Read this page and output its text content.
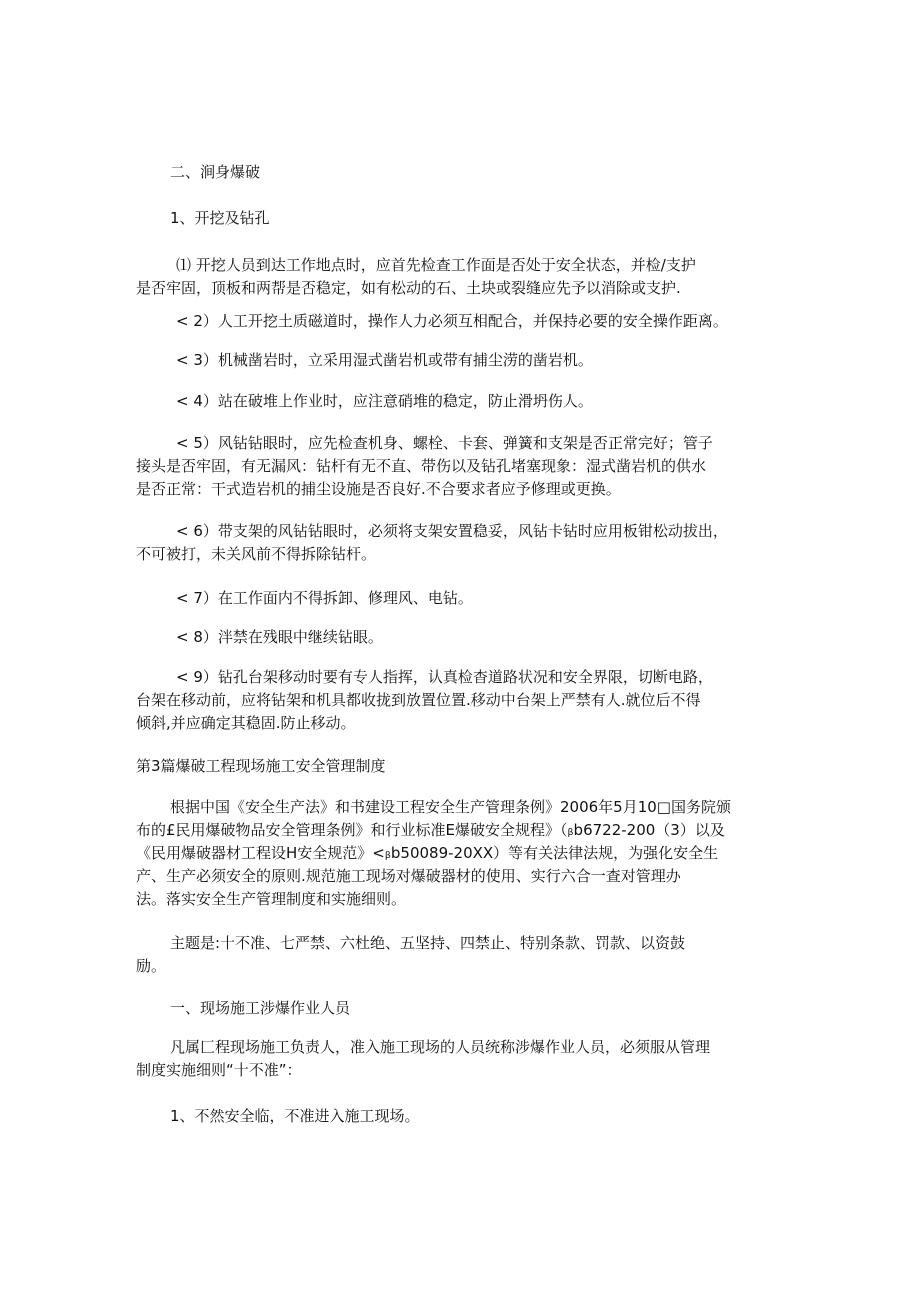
二、涧身爆破

1、开挖及钻孔

⑴ 开挖人员到达工作地点时，应首先检查工作面是否处于安全状态，并检/支护

是否牢固，顶板和两帮是否稳定，如有松动的石、土块或裂缝应先予以消除或支护.

< 2）人工开挖土质磁道时，操作人力必须互相配合，并保持必要的安全操作距离。

< 3）机械凿岩时，立采用湿式凿岩机或带有捕尘涝的凿岩机。

< 4）站在破堆上作业时，应注意硝堆的稳定，防止滑坍伤人。

< 5）风钻钻眼时，应先检查机身、螺栓、卡套、弹簧和支架是否正常完好；管子

接头是否牢固，有无漏风：钻杆有无不直、带伤以及钻孔堵塞现象：湿式凿岩机的供水

是否正常：干式造岩机的捕尘设施是否良好.不合要求者应予修理或更换。

< 6）带支架的风钻钻眼时，必须将支架安置稳妥，风钻卡钻时应用板钳松动拔出，

不可被打，未关风前不得拆除钻杆。

< 7）在工作面内不得拆卸、修理风、电钻。

< 8）泮禁在残眼中继续钻眼。

< 9）钻孔台架移动时要有专人指挥，认真检杳道路状况和安全界限，切断电路，

台架在移动前，应将钻架和机具都收拢到放置位置.移动中台架上严禁有人.就位后不得

倾斜,并应确定其稳固.防止移动。

第3篇爆破工程现场施工安全管理制度

根据中国《安全生产法》和书建设工程安全生产管理条例》2006年5月10□国务院颁

布的£民用爆破物品安全管理条例》和行业标准E爆破安全规程》（ᵦb6722-200（3）以及

《民用爆破器材工程设H安全规范》<ᵦb50089-20XX）等有关法律法规，为强化安全生

产、生产必须安全的原则.规范施工现场对爆破器材的使用、实行六合一查对管理办

法。落实安全生产管理制度和实施细则。

主题是:十不准、七严禁、六杜绝、五坚持、四禁止、特别条款、罚款、以资鼓

励。

一、现场施工涉爆作业人员

凡属匚程现场施工负责人，准入施工现场的人员统称涉爆作业人员，必须服从管理

制度实施细则“十不准”：

1、不然安全临，不准进入施工现场。
